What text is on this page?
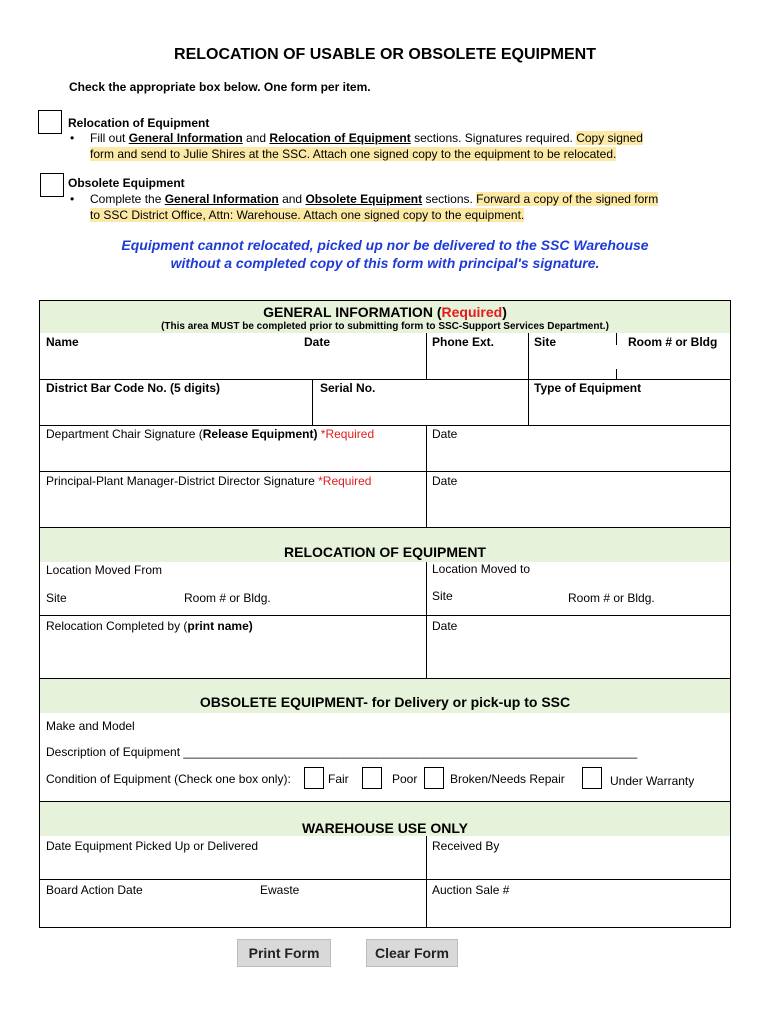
RELOCATION OF USABLE OR OBSOLETE EQUIPMENT
Check the appropriate box below. One form per item.
Relocation of Equipment
• Fill out General Information and Relocation of Equipment sections. Signatures required. Copy signed
form and send to Julie Shires at the SSC. Attach one signed copy to the equipment to be relocated.
Obsolete Equipment
• Complete the General Information and Obsolete Equipment sections. Forward a copy of the signed form
to SSC District Office, Attn: Warehouse. Attach one signed copy to the equipment.
Equipment cannot relocated, picked up nor be delivered to the SSC Warehouse
without a completed copy of this form with principal's signature.
GENERAL INFORMATION (Required)
(This area MUST be completed prior to submitting form to SSC-Support Services Department.)
Name	Date	Phone Ext.	Site	Room # or Bldg
District Bar Code No. (5 digits)	Serial No.	Type of Equipment
Department Chair Signature (Release Equipment) *Required	Date
Principal-Plant Manager-District Director Signature *Required	Date
RELOCATION OF EQUIPMENT
Location Moved From	Location Moved to
Site	Room # or Bldg.	Site	Room # or Bldg.
Relocation Completed by (print name)	Date
OBSOLETE EQUIPMENT- for Delivery or pick-up to SSC
Make and Model
Description of Equipment ____________________________________________________________________
Condition of Equipment (Check one box only):	Fair	Poor	Broken/Needs Repair	Under Warranty
WAREHOUSE USE ONLY
Date Equipment Picked Up or Delivered	Received By
Board Action Date	Ewaste	Auction Sale #
Print Form	Clear Form
